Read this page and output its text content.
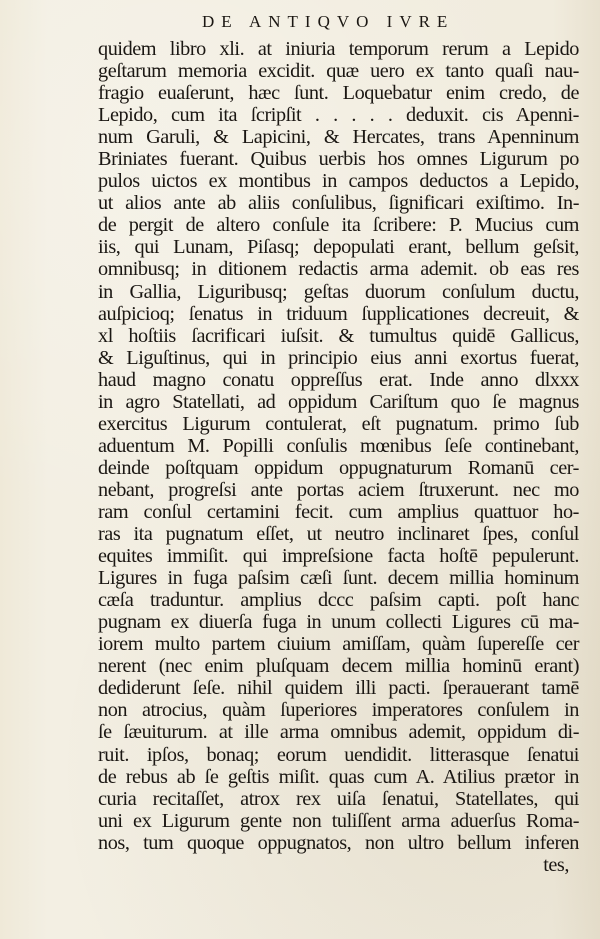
DE ANTIQVO IVRE
quidem libro xli. at iniuria temporum rerum a Lepido
geſtarum memoria excidit. quæ uero ex tanto quaſi nau-
fragio euaſerunt, hæc ſunt. Loquebatur enim credo, de
Lepido, cum ita ſcripſit . . . . . deduxit. cis Apenni-
num Garuli, & Lapicini, & Hercates, trans Apenninum
Briniates fuerant. Quibus uerbis hos omnes Ligurum po
pulos uictos ex montibus in campos deductos a Lepido,
ut alios ante ab aliis conſulibus, ſignificari exiſtimo. In-
de pergit de altero conſule ita ſcribere: P. Mucius cum
iis, qui Lunam, Piſasq; depopulati erant, bellum geſsit,
omnibusq; in ditionem redactis arma ademit. ob eas res
in Gallia, Liguribusq; geſtas duorum conſulum ductu,
auſpicioq; ſenatus in triduum ſupplicationes decreuit, &
xl hoſtiis ſacrificari iuſsit. & tumultus quidē Gallicus,
& Liguſtinus, qui in principio eius anni exortus fuerat,
haud magno conatu oppreſſus erat. Inde anno dlxxx
in agro Statellati, ad oppidum Cariſtum quo ſe magnus
exercitus Ligurum contulerat, eſt pugnatum. primo ſub
aduentum M. Popilli conſulis mœnibus ſeſe continebant,
deinde poſtquam oppidum oppugnaturum Romanū cer-
nebant, progreſsi ante portas aciem ſtruxerunt. nec mo
ram conſul certamini fecit. cum amplius quattuor ho-
ras ita pugnatum eſſet, ut neutro inclinaret ſpes, conſul
equites immiſit. qui impreſsione facta hoſtē pepulerunt.
Ligures in fuga paſsim cæſi ſunt. decem millia hominum
cæſa traduntur. amplius dccc paſsim capti. poſt hanc
pugnam ex diuerſa fuga in unum collecti Ligures cū ma-
iorem multo partem ciuium amiſſam, quàm ſupereſſe cer
nerent (nec enim pluſquam decem millia hominū erant)
dediderunt ſeſe. nihil quidem illi pacti. ſperauerant tamē
non atrocius, quàm ſuperiores imperatores conſulem in
ſe ſæuiturum. at ille arma omnibus ademit, oppidum di-
ruit. ipſos, bonaq; eorum uendidit. litterasque ſenatui
de rebus ab ſe geſtis miſit. quas cum A. Atilius prætor in
curia recitaſſet, atrox rex uiſa ſenatui, Statellates, qui
uni ex Ligurum gente non tuliſſent arma aduerſus Roma-
nos, tum quoque oppugnatos, non ultro bellum inferen
tes,
